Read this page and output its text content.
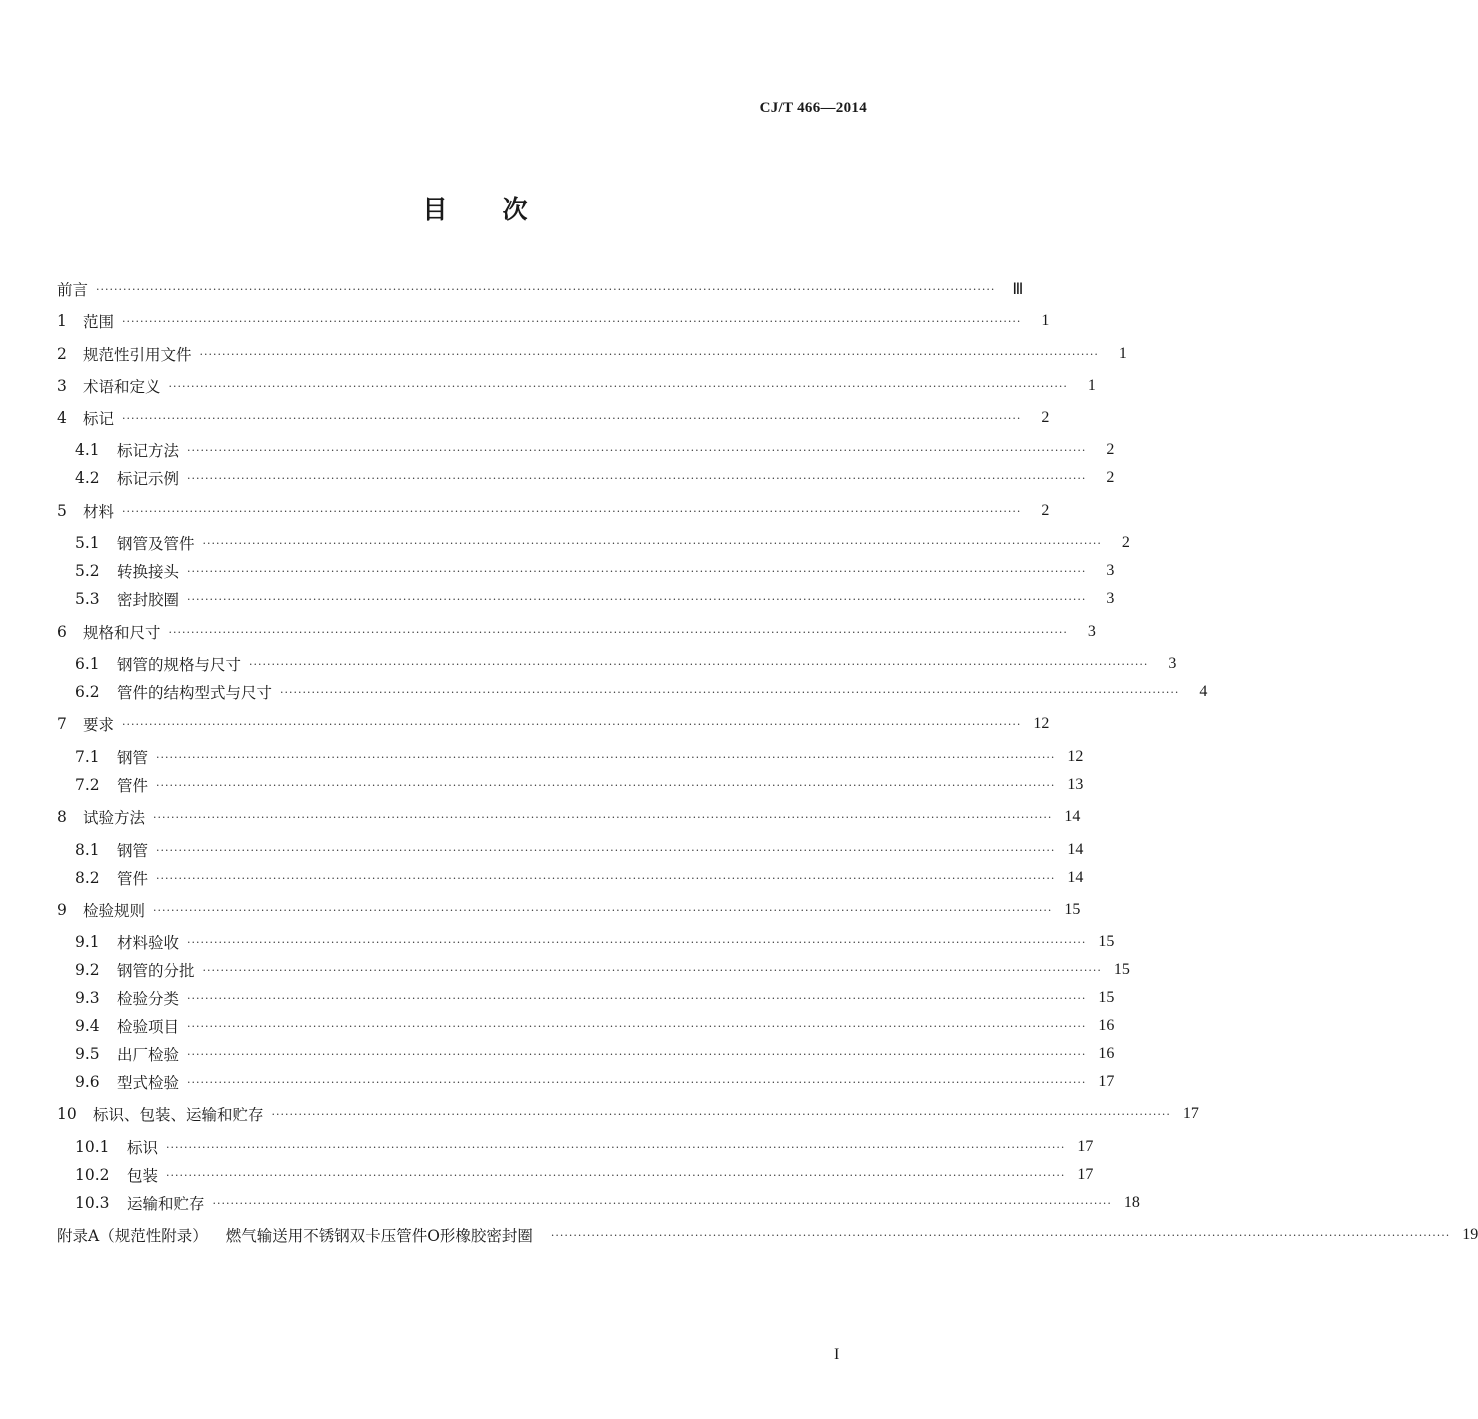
CJ/T 466—2014
目次
前言 ········································································································································································································	Ⅲ
1	范围 ········································································································································································································	1
2	规范性引用文件 ········································································································································································································	1
3	术语和定义 ········································································································································································································	1
4	标记 ········································································································································································································	2
4.1	标记方法 ········································································································································································································	2
4.2	标记示例 ········································································································································································································	2
5	材料 ········································································································································································································	2
5.1	钢管及管件 ········································································································································································································	2
5.2	转换接头 ········································································································································································································	3
5.3	密封胶圈 ········································································································································································································	3
6	规格和尺寸 ········································································································································································································	3
6.1	钢管的规格与尺寸 ········································································································································································································	3
6.2	管件的结构型式与尺寸 ········································································································································································································	4
7	要求 ········································································································································································································ 12
7.1	钢管 ········································································································································································································ 12
7.2	管件 ········································································································································································································ 13
8	试验方法 ········································································································································································································ 14
8.1	钢管 ········································································································································································································ 14
8.2	管件 ········································································································································································································ 14
9	检验规则 ········································································································································································································ 15
9.1	材料验收 ········································································································································································································ 15
9.2	钢管的分批 ········································································································································································································ 15
9.3	检验分类 ········································································································································································································ 15
9.4	检验项目 ········································································································································································································ 16
9.5	出厂检验 ········································································································································································································ 16
9.6	型式检验 ········································································································································································································ 17
10	标识、包装、运输和贮存 ········································································································································································································ 17
10.1	标识 ········································································································································································································ 17
10.2	包装 ········································································································································································································ 17
10.3	运输和贮存 ········································································································································································································ 18
附录A（规范性附录） 燃气输送用不锈钢双卡压管件O形橡胶密封圈 ········································································································································································································ 19
I
